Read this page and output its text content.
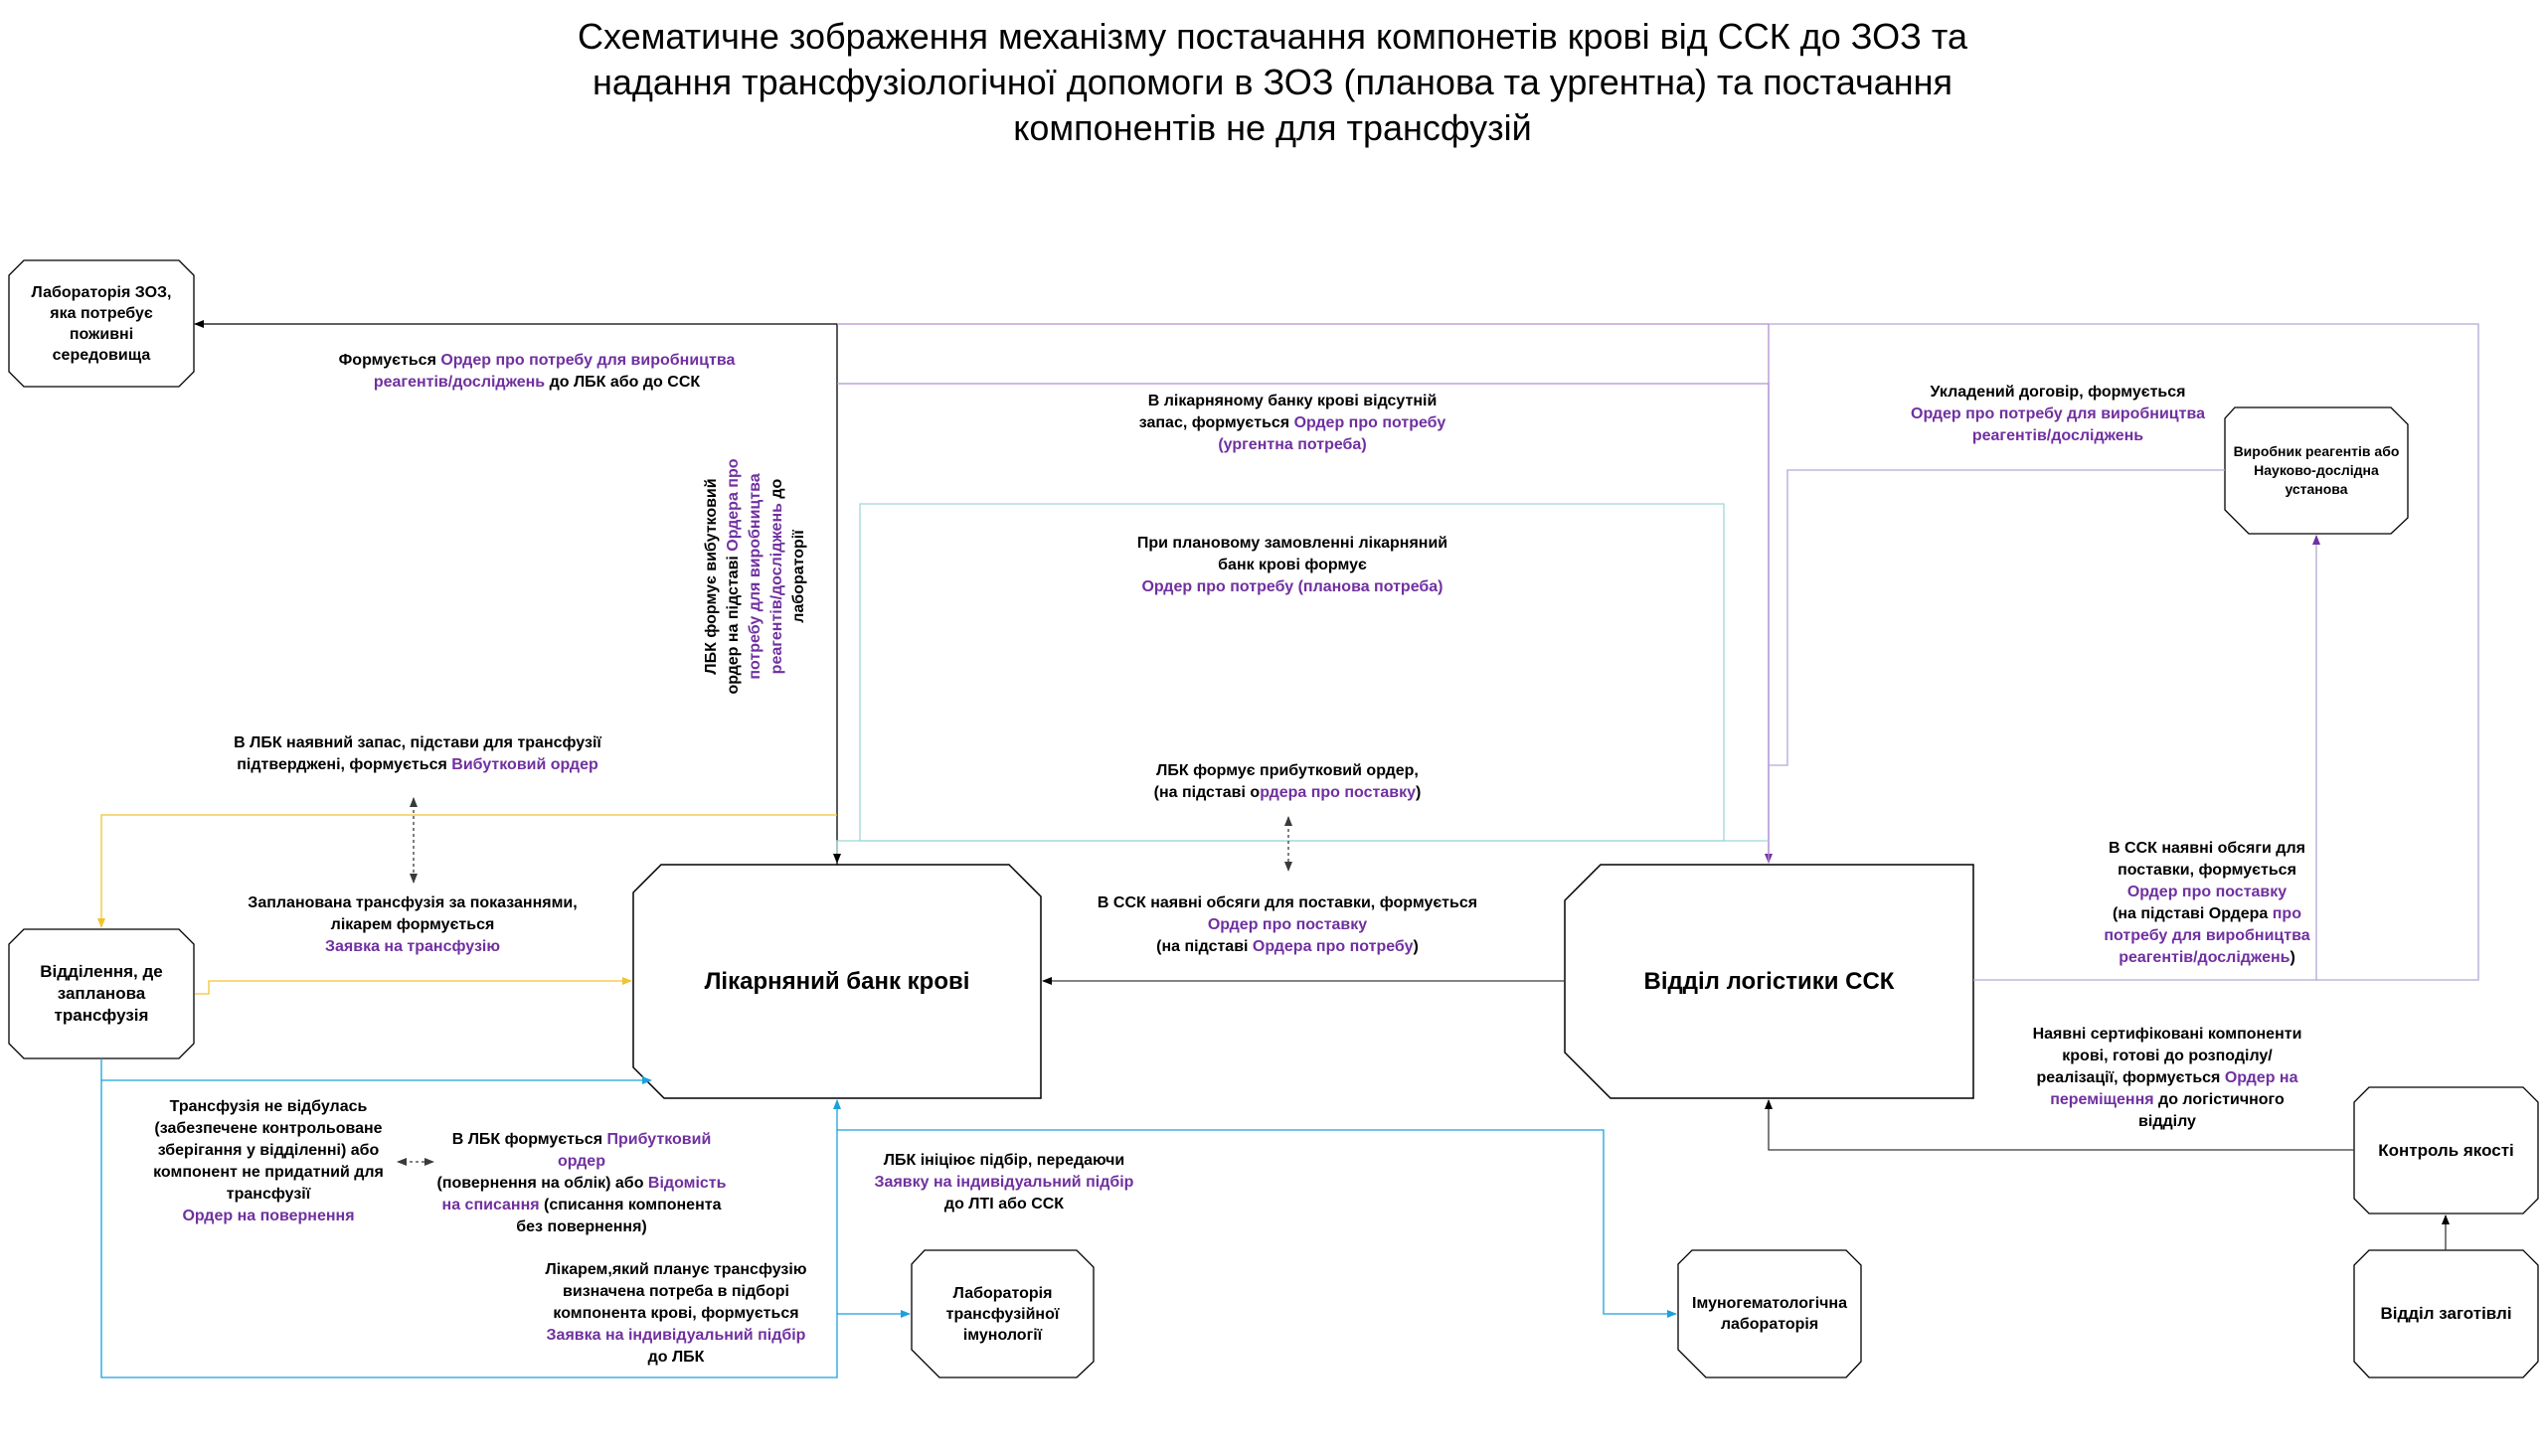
Схематичне зображення механізму постачання компонетів крові від ССК до ЗОЗ та
надання трансфузіологічної допомоги в ЗОЗ (планова та ургентна) та постачання
компонентів не для трансфузій
Лабораторія ЗОЗ,
яка потребує
поживні
середовища
Відділення, де
запланова
трансфузія
Лікарняний банк крові	Відділ логістики ССК
Виробник реагентів або
Науково-дослідна
установа
Лабораторія
трансфузійної
імунології
Імуногематологічна
лабораторія
Контроль якості
Відділ заготівлі
Формується Ордер про потребу для виробництва
реагентів/досліджень до ЛБК або до ССК
В лікарняному банку крові відсутній
запас, формується Ордер про потребу
(ургентна потреба)
Укладений договір, формується
Ордер про потребу для виробництва
реагентів/досліджень
При плановому замовленні лікарняний
банк крові формує
Ордер про потребу (планова потреба)
ЛБК формує вибутковий ордер на підставі Ордера про потребу для виробництва реагентів/досліджень до
лабораторії
В ЛБК наявний запас, підстави для трансфузії
підтверджені, формується Вибутковий ордер	ЛБК формує прибутковий ордер,
(на підставі ордера про поставку)
Запланована трансфузія за показаннями,
лікарем формується
Заявка на трансфузію
В ССК наявні обсяги для поставки, формується
Ордер про поставку
(на підставі Ордера про потребу)
В ССК наявні обсяги для
поставки, формується
Ордер про поставку
(на підставі Ордера про
потребу для виробництва
реагентів/досліджень)
Наявні сертифіковані компоненти
крові, готові до розподілу/
реалізації, формується Ордер на
переміщення до логістичного
відділу
Трансфузія не відбулась
(забезпечене контрольоване
зберігання у відділенні) або
компонент не придатний для
трансфузії
Ордер на повернення
В ЛБК формується Прибутковий ордер
(повернення на облік) або Відомість
на списання (списання компонента
без повернення)
ЛБК ініціює підбір, передаючи
Заявку на індивідуальний підбір
до ЛТІ або ССК
Лікарем,який планує трансфузію
визначена потреба в підборі
компонента крові, формується
Заявка на індивідуальний підбір
до ЛБК
